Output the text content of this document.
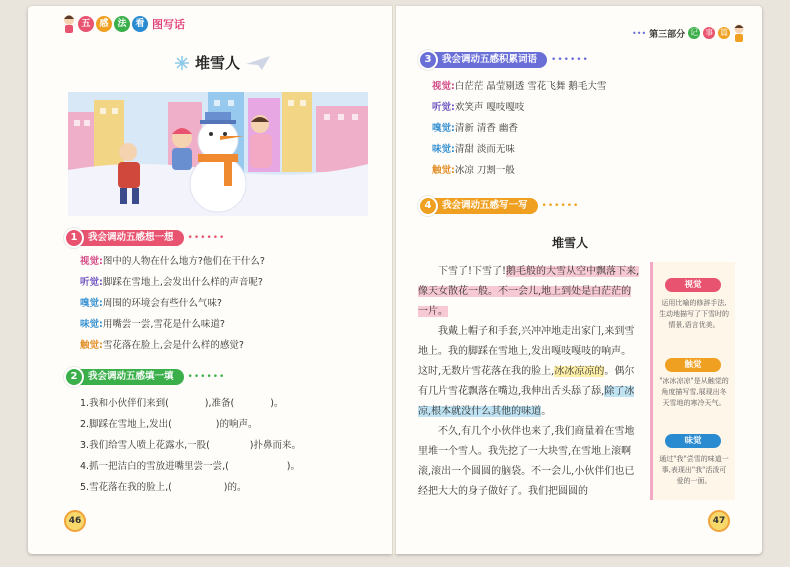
五 感 法 看 图写话
••• 第三部分 记 事 篇
堆雪人
1	我会调动五感想一想	••••••
视觉:图中的人物在什么地方?他们在干什么?
听觉:脚踩在雪地上,会发出什么样的声音呢?
嗅觉:周围的环境会有些什么气味?
味觉:用嘴尝一尝,雪花是什么味道?
触觉:雪花落在脸上,会是什么样的感觉?
2	我会调动五感填一填	••••••
1.我和小伙伴们来到(	),准备(	)。
2.脚踩在雪地上,发出(	)的响声。
3.我们给雪人喷上花露水,一股(	)扑鼻而来。
4.抓一把洁白的雪放进嘴里尝一尝,(	)。
5.雪花落在我的脸上,(	)的。
46
3	我会调动五感积累词语	••••••
视觉:白茫茫 晶莹剔透 雪花飞舞 鹅毛大雪
听觉:欢笑声 嘎吱嘎吱
嗅觉:清新 清香 幽香
味觉:清甜 淡而无味
触觉:冰凉 刀割一般
4	我会调动五感写一写	••••••
堆雪人
下雪了!下雪了!鹅毛般的大雪从空中飘落下来,像天女散花一般。不一会儿,地上到处是白茫茫的一片。
我戴上帽子和手套,兴冲冲地走出家门,来到雪地上。我的脚踩在雪地上,发出嘎吱嘎吱的响声。这时,无数片雪花落在我的脸上,冰冰凉凉的。偶尔有几片雪花飘落在嘴边,我伸出舌头舔了舔,除了冰凉,根本就没什么其他的味道。
不久,有几个小伙伴也来了,我们商量着在雪地里堆一个雪人。我先挖了一大块雪,在雪地上滚啊滚,滚出一个圆圆的脑袋。不一会儿,小伙伴们也已经把大大的身子做好了。我们把圆圆的
视觉
运用比喻的修辞手法,生动地描写了下雪时的情景,语言优美。
触觉
"冰冰凉凉"是从触觉的角度描写雪,展现出冬天雪地的寒冷天气。
味觉
通过"我"尝雪的味道一事,表现出"我"活泼可爱的一面。
47
